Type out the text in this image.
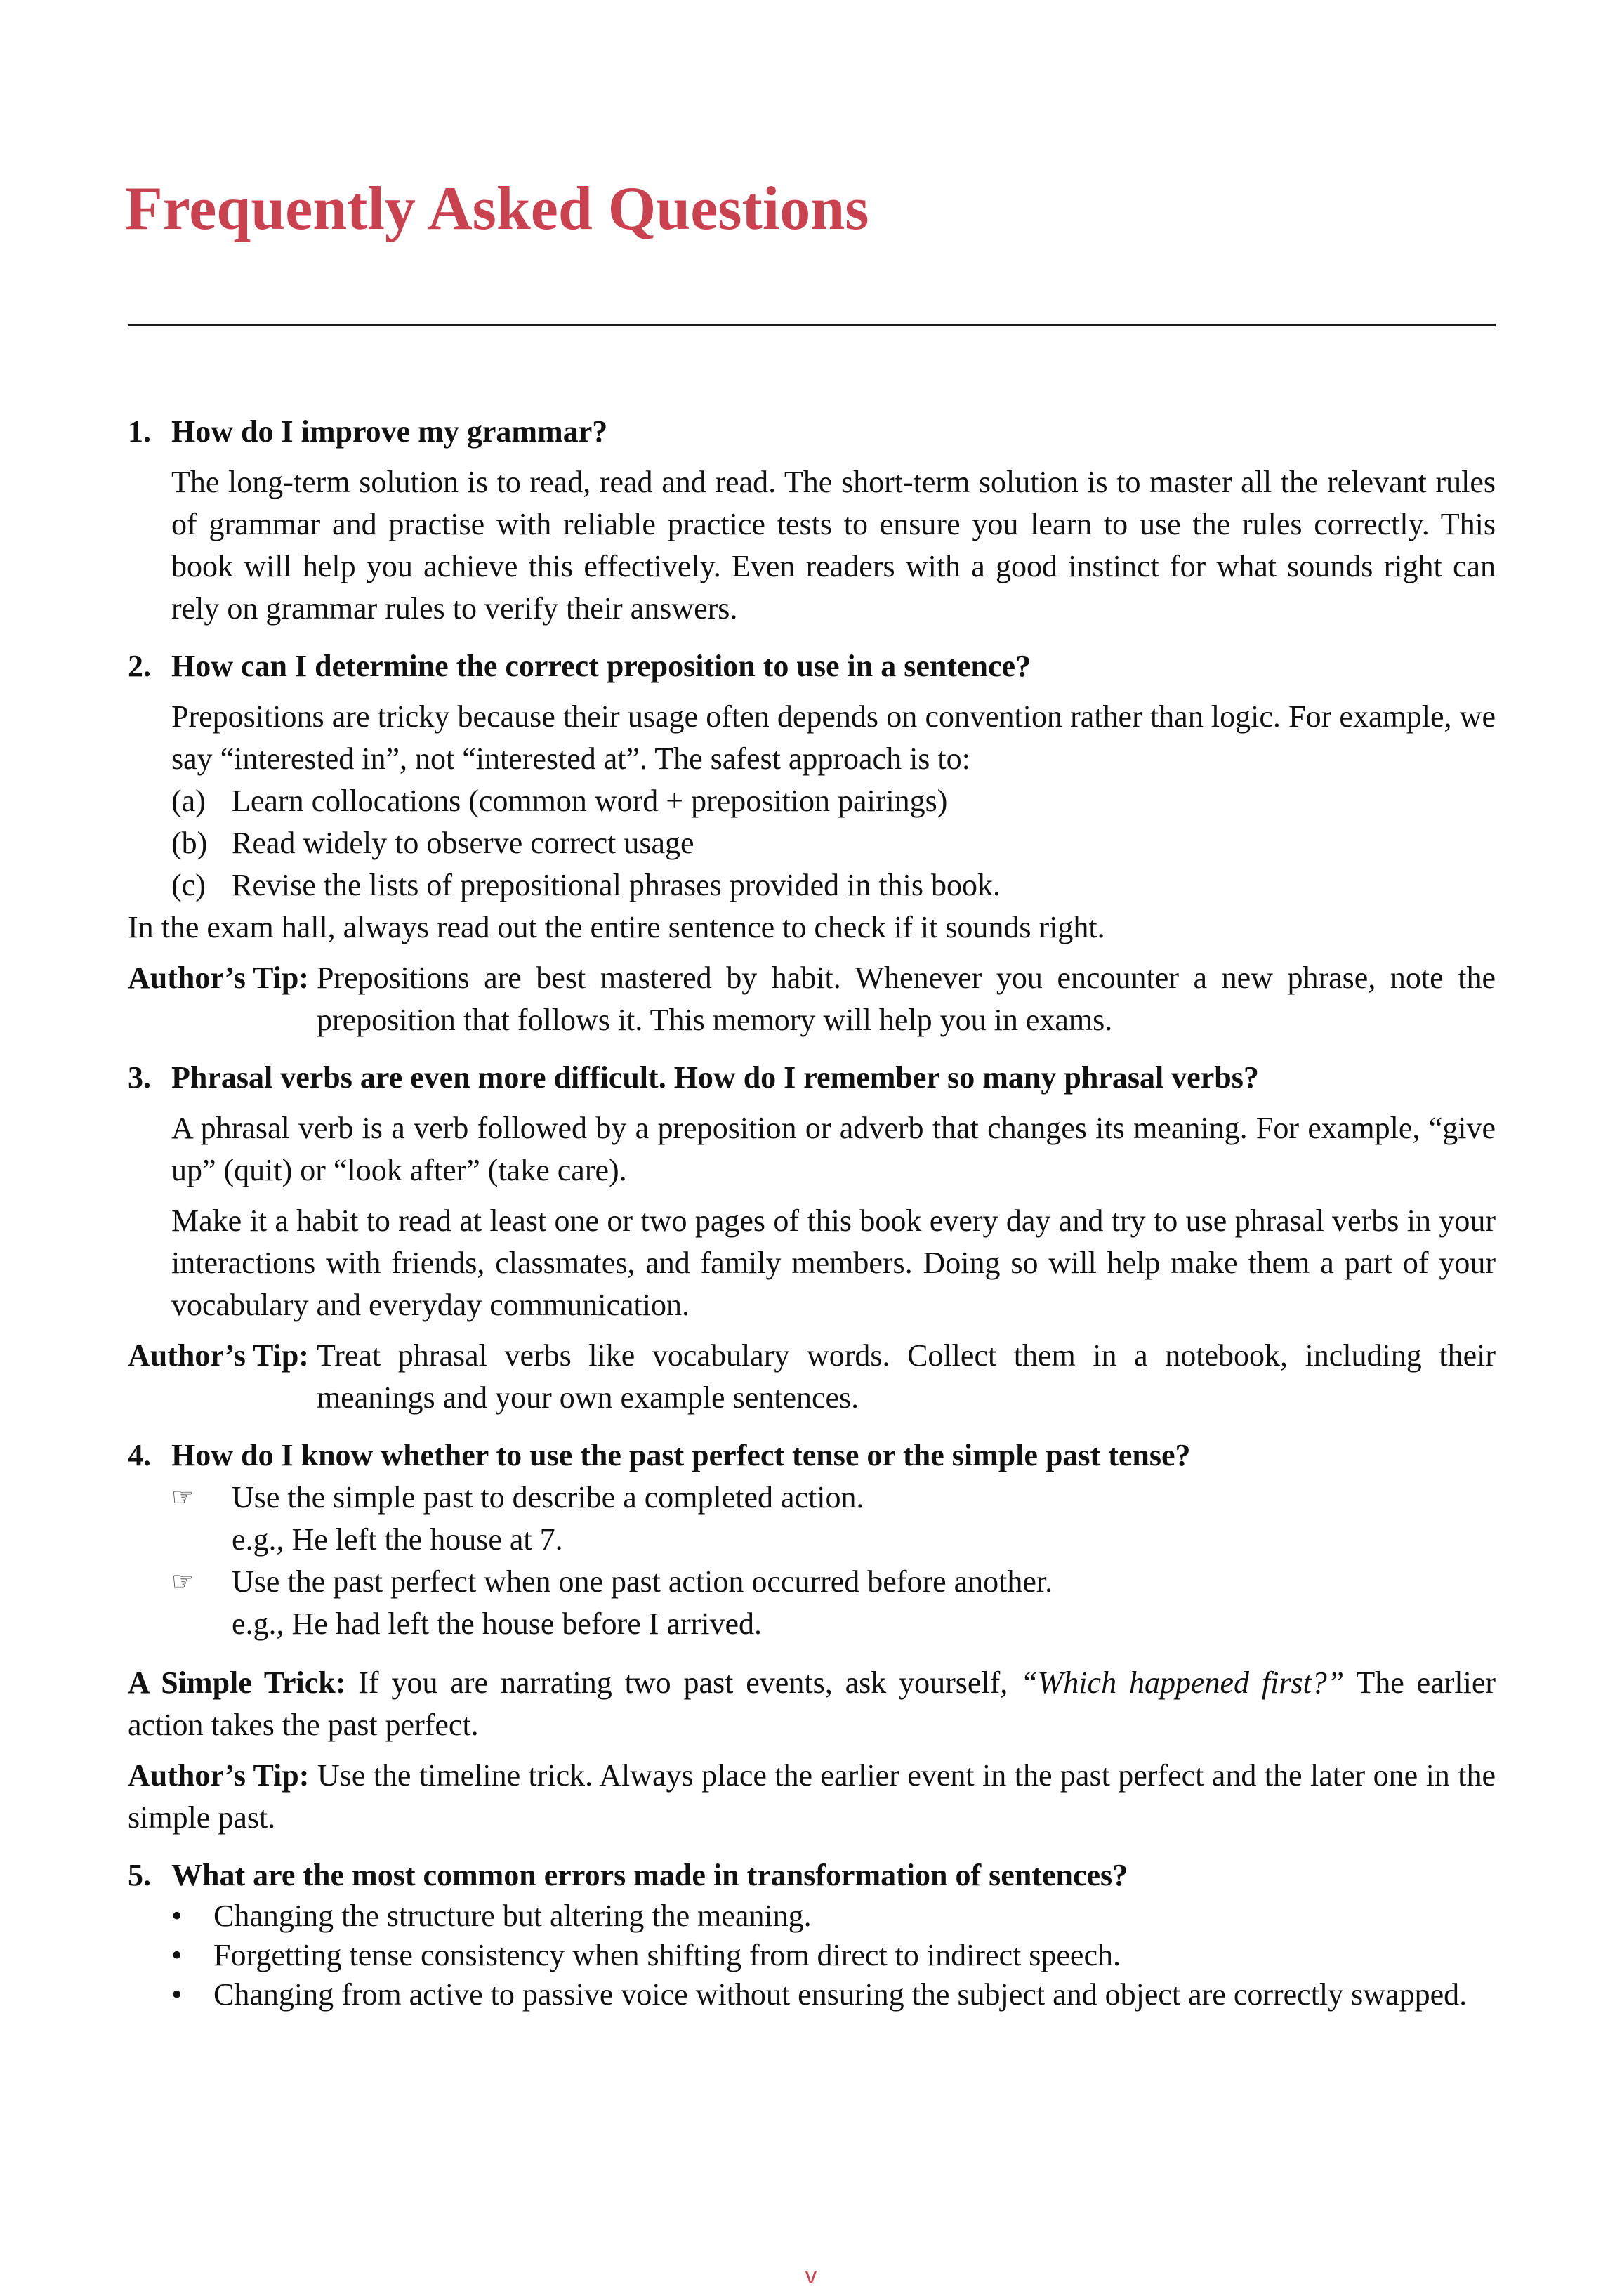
Frequently Asked Questions
1. How do I improve my grammar?
The long-term solution is to read, read and read. The short-term solution is to master all the relevant rules of grammar and practise with reliable practice tests to ensure you learn to use the rules correctly. This book will help you achieve this effectively. Even readers with a good instinct for what sounds right can rely on grammar rules to verify their answers.
2. How can I determine the correct preposition to use in a sentence?
Prepositions are tricky because their usage often depends on convention rather than logic. For example, we say “interested in”, not “interested at”. The safest approach is to:
(a) Learn collocations (common word + preposition pairings)
(b) Read widely to observe correct usage
(c) Revise the lists of prepositional phrases provided in this book.
In the exam hall, always read out the entire sentence to check if it sounds right.
Author’s Tip: Prepositions are best mastered by habit. Whenever you encounter a new phrase, note the preposition that follows it. This memory will help you in exams.
3. Phrasal verbs are even more difficult. How do I remember so many phrasal verbs?
A phrasal verb is a verb followed by a preposition or adverb that changes its meaning. For example, “give up” (quit) or “look after” (take care).
Make it a habit to read at least one or two pages of this book every day and try to use phrasal verbs in your interactions with friends, classmates, and family members. Doing so will help make them a part of your vocabulary and everyday communication.
Author’s Tip: Treat phrasal verbs like vocabulary words. Collect them in a notebook, including their meanings and your own example sentences.
4. How do I know whether to use the past perfect tense or the simple past tense?
☞	Use the simple past to describe a completed action.
e.g., He left the house at 7.
☞	Use the past perfect when one past action occurred before another.
e.g., He had left the house before I arrived.
A Simple Trick: If you are narrating two past events, ask yourself, “Which happened first?” The earlier action takes the past perfect.
Author’s Tip: Use the timeline trick. Always place the earlier event in the past perfect and the later one in the simple past.
5. What are the most common errors made in transformation of sentences?
•	Changing the structure but altering the meaning.
•	Forgetting tense consistency when shifting from direct to indirect speech.
•	Changing from active to passive voice without ensuring the subject and object are correctly swapped.
v
